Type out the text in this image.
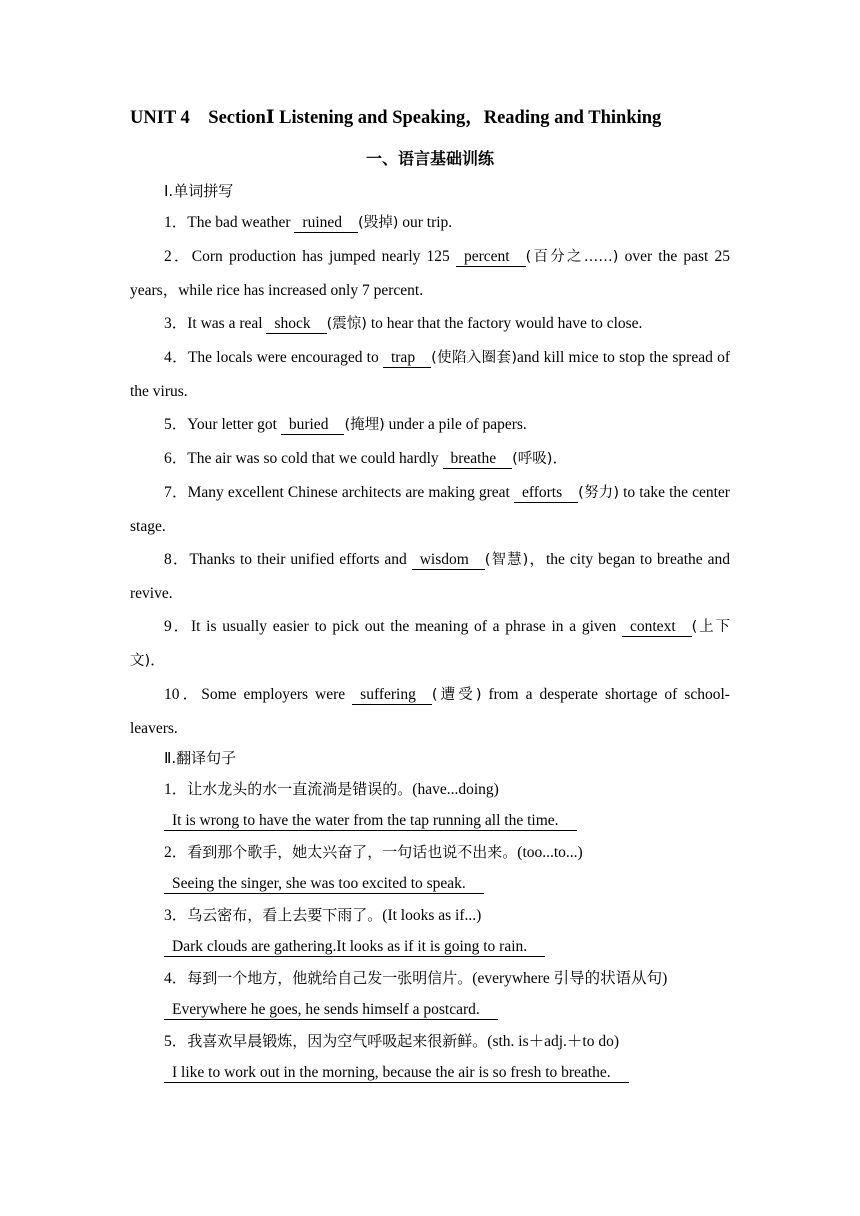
UNIT 4　SectionⅠ Listening and Speaking，Reading and Thinking
一、语言基础训练
Ⅰ.单词拼写
1．The bad weather ruined (毁掉) our trip.
2．Corn production has jumped nearly 125 percent (百分之……) over the past 25 years，while rice has increased only 7 percent.
3．It was a real shock (震惊) to hear that the factory would have to close.
4．The locals were encouraged to trap (使陷入圈套)and kill mice to stop the spread of the virus.
5．Your letter got buried (掩埋) under a pile of papers.
6．The air was so cold that we could hardly breathe (呼吸)．
7．Many excellent Chinese architects are making great efforts (努力) to take the center stage.
8．Thanks to their unified efforts and wisdom (智慧)，the city began to breathe and revive.
9．It is usually easier to pick out the meaning of a phrase in a given context (上下文)．
10．Some employers were suffering (遭受) from a desperate shortage of school-leavers.
Ⅱ.翻译句子
1．让水龙头的水一直流淌是错误的。(have...doing)
It is wrong to have the water from the tap running all the time.
2．看到那个歌手，她太兴奋了，一句话也说不出来。(too...to...)
Seeing the singer, she was too excited to speak.
3．乌云密布，看上去要下雨了。(It looks as if...)
Dark clouds are gathering.It looks as if it is going to rain.
4．每到一个地方，他就给自己发一张明信片。(everywhere 引导的状语从句)
Everywhere he goes, he sends himself a postcard.
5．我喜欢早晨锻炼，因为空气呼吸起来很新鲜。(sth. is＋adj.＋to do)
I like to work out in the morning, because the air is so fresh to breathe.
